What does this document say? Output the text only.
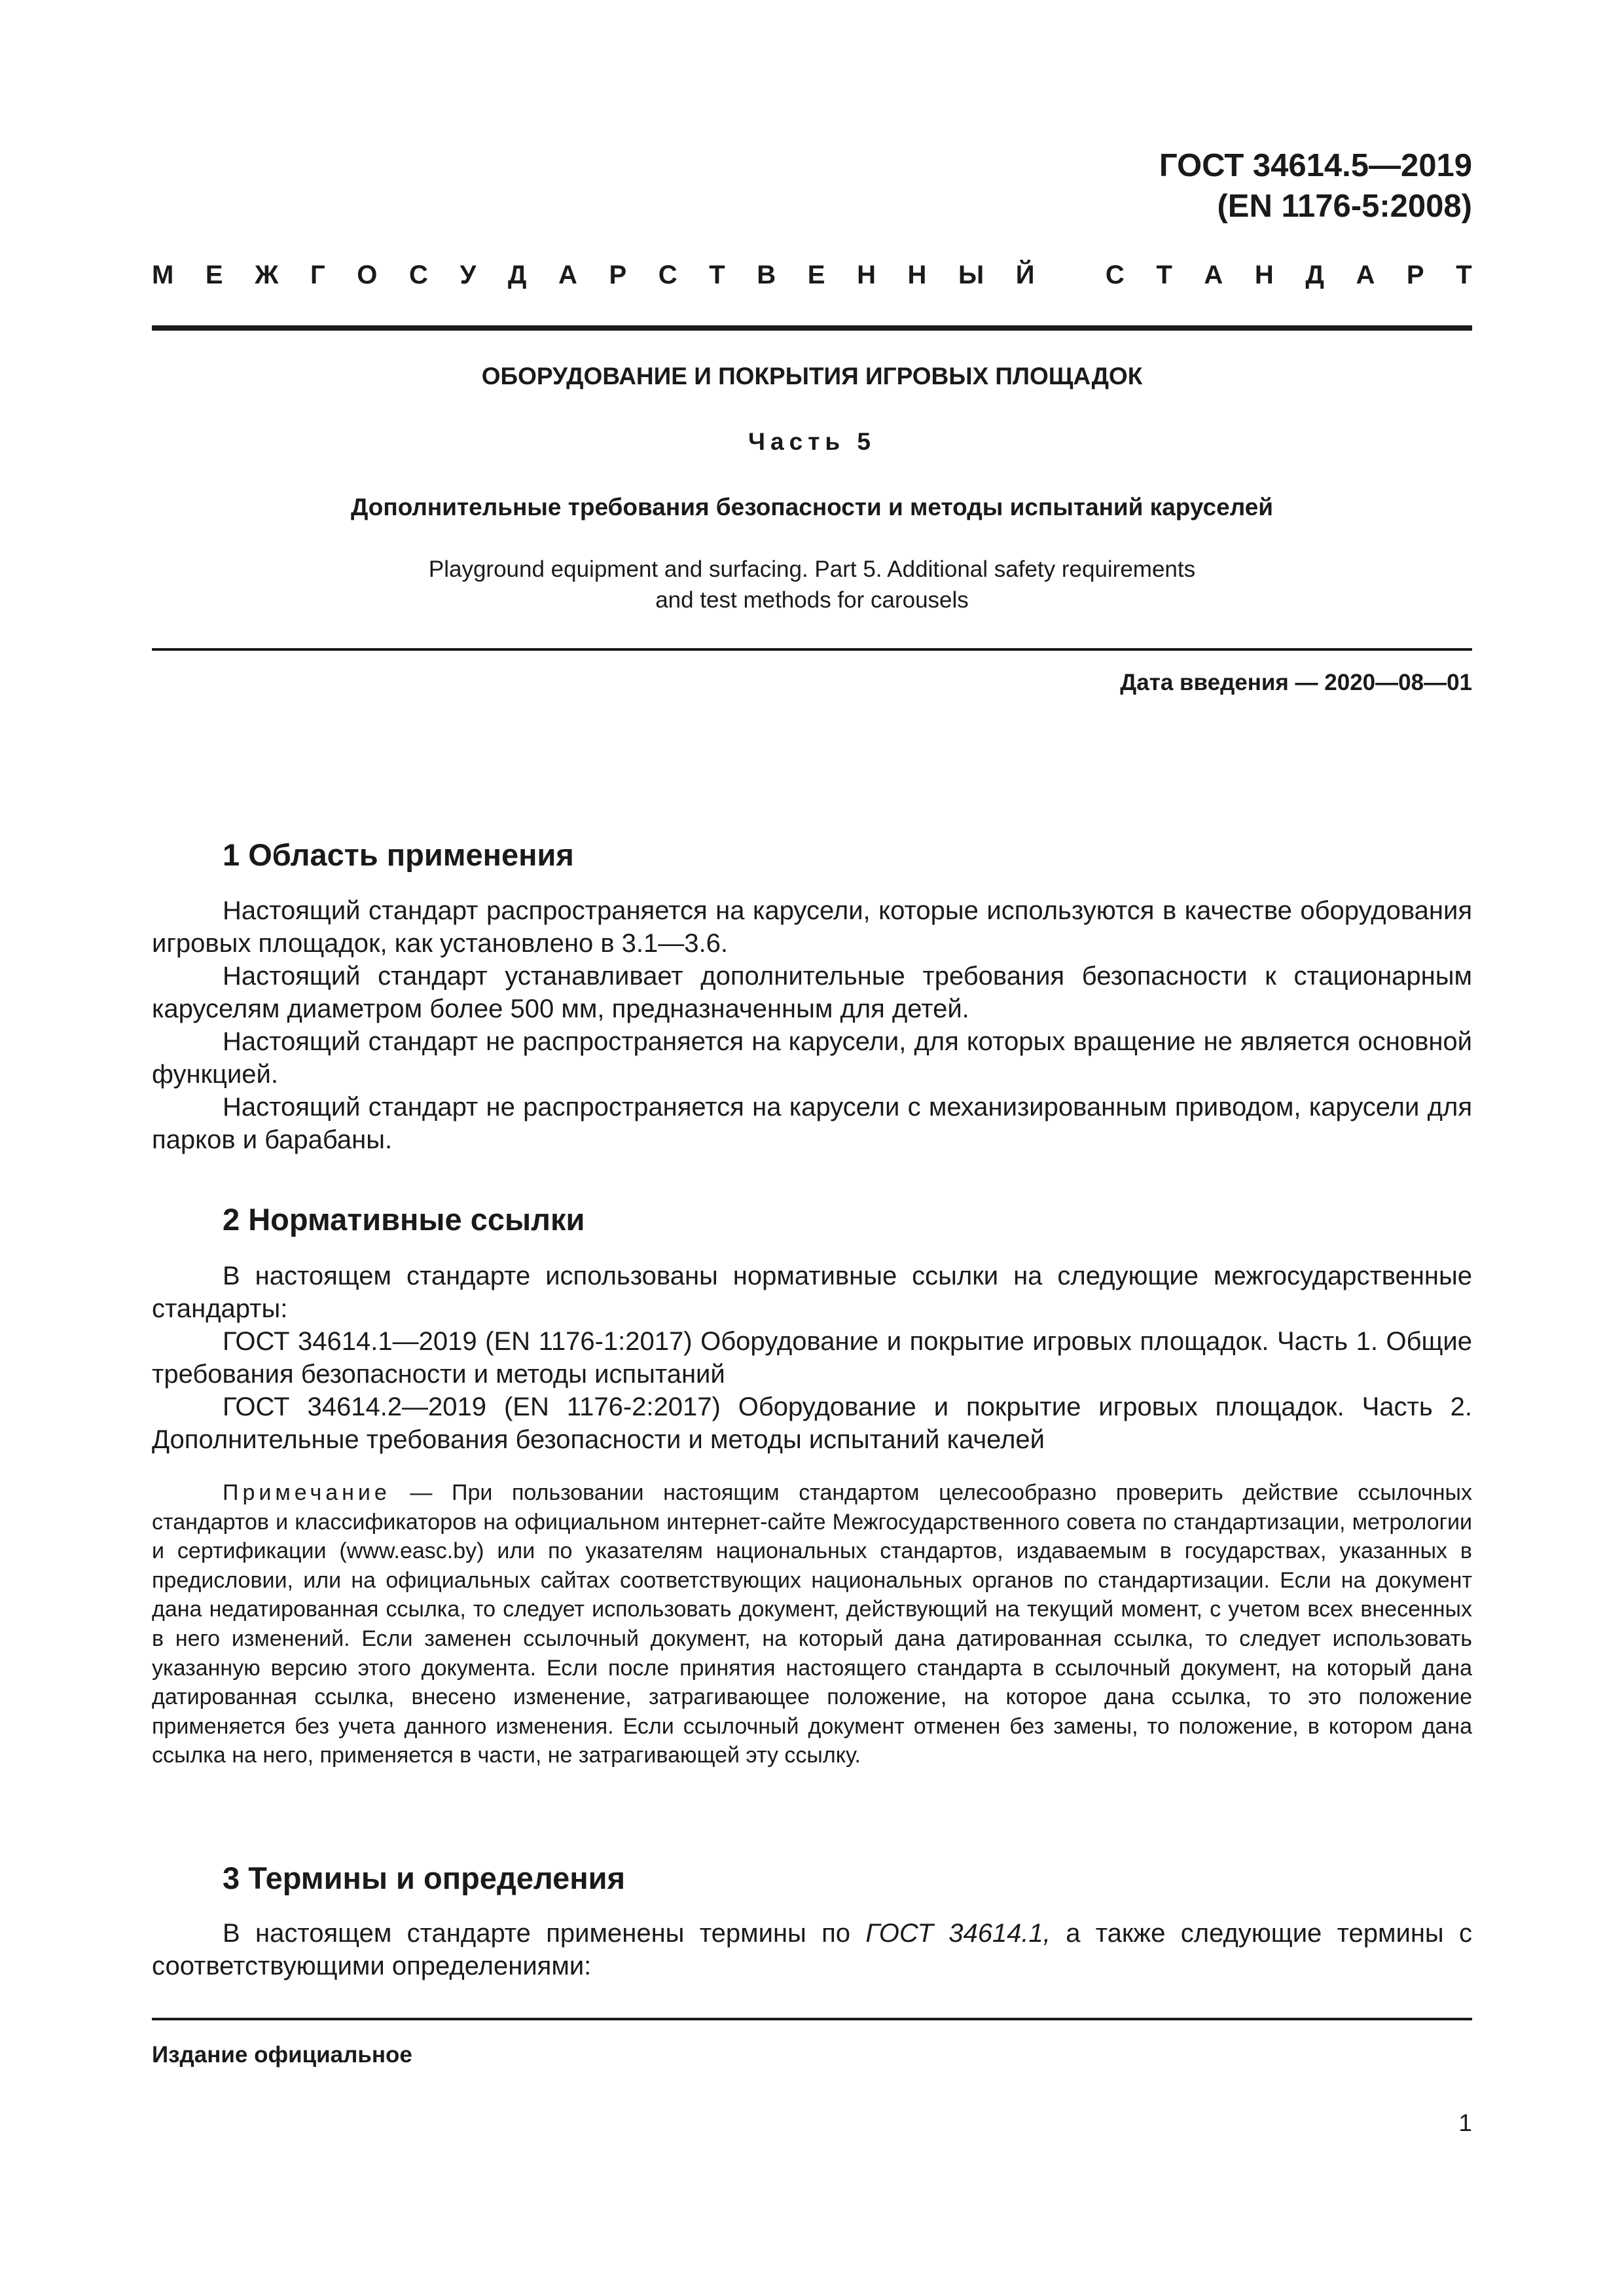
ГОСТ 34614.5—2019
(EN 1176-5:2008)
М Е Ж Г О С У Д А Р С Т В Е Н Н Ы Й
	С Т А Н Д А Р Т
ОБОРУДОВАНИЕ И ПОКРЫТИЯ ИГРОВЫХ ПЛОЩАДОК
Часть 5
Дополнительные требования безопасности и методы испытаний каруселей
Playground equipment and surfacing. Part 5. Additional safety requirements
and test methods for carousels
Дата введения — 2020—08—01
1 Область применения

Настоящий стандарт распространяется на карусели, которые используются в качестве оборудования игровых площадок, как установлено в 3.1—3.6.

Настоящий стандарт устанавливает дополнительные требования безопасности к стационарным каруселям диаметром более 500 мм, предназначенным для детей.

Настоящий стандарт не распространяется на карусели, для которых вращение не является основной функцией.

Настоящий стандарт не распространяется на карусели с механизированным приводом, карусели для парков и барабаны.

2 Нормативные ссылки

В настоящем стандарте использованы нормативные ссылки на следующие межгосударственные стандарты:

ГОСТ 34614.1—2019 (EN 1176-1:2017) Оборудование и покрытие игровых площадок. Часть 1. Общие требования безопасности и методы испытаний

ГОСТ 34614.2—2019 (EN 1176-2:2017) Оборудование и покрытие игровых площадок. Часть 2. Дополнительные требования безопасности и методы испытаний качелей

Примечание — При пользовании настоящим стандартом целесообразно проверить действие ссылочных стандартов и классификаторов на официальном интернет-сайте Межгосударственного совета по стандартизации, метрологии и сертификации (www.easc.by) или по указателям национальных стандартов, издаваемым в государствах, указанных в предисловии, или на официальных сайтах соответствующих национальных органов по стандартизации. Если на документ дана недатированная ссылка, то следует использовать документ, действующий на текущий момент, с учетом всех внесенных в него изменений. Если заменен ссылочный документ, на который дана датированная ссылка, то следует использовать указанную версию этого документа. Если после принятия настоящего стандарта в ссылочный документ, на который дана датированная ссылка, внесено изменение, затрагивающее положение, на которое дана ссылка, то это положение применяется без учета данного изменения. Если ссылочный документ отменен без замены, то положение, в котором дана ссылка на него, применяется в части, не затрагивающей эту ссылку.
3 Термины и определения

В настоящем стандарте применены термины по ГОСТ 34614.1, а также следующие термины с соответствующими определениями:

Издание официальное
1
